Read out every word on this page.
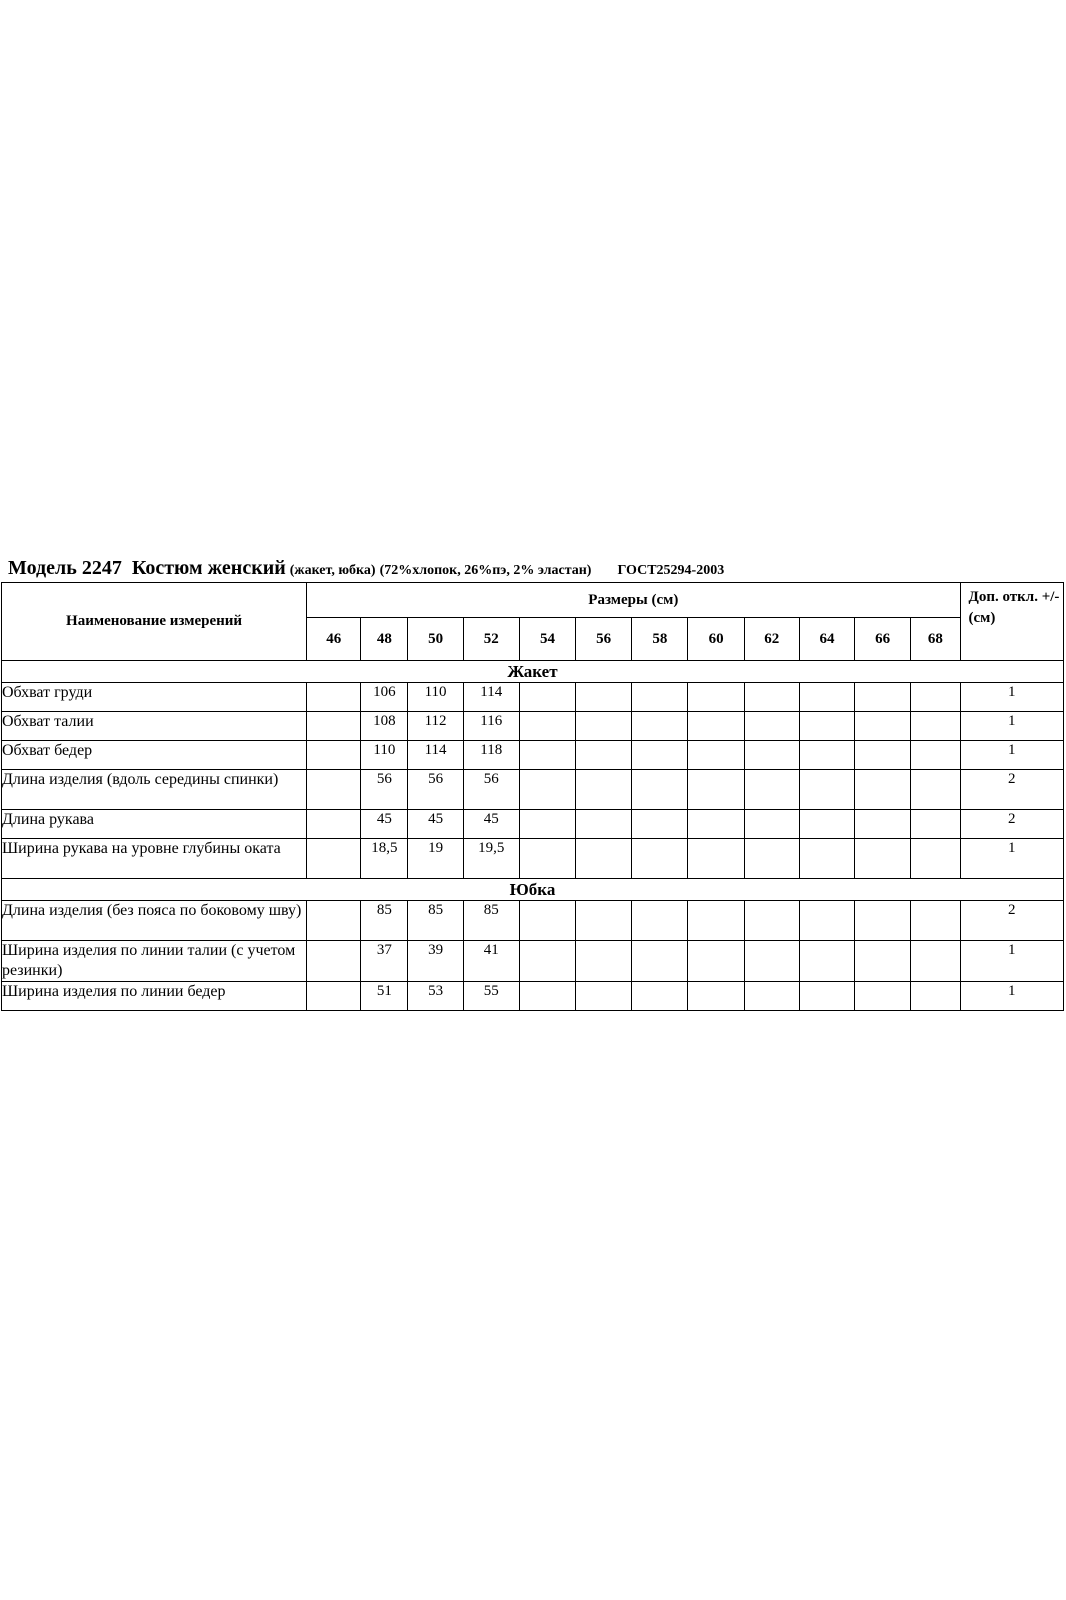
Модель 2247 Костюм женский (жакет, юбка) (72%хлопок, 26%пэ, 2% эластан) ГОСТ25294-2003
Наименование измерений	Размеры (см)												Доп. откл. +/- (см)
	46	48	50	52	54	56	58	60	62	64	66	68	
Жакет													
Обхват груди		106	110	114									1
Обхват талии		108	112	116									1
Обхват бедер		110	114	118									1
Длина изделия (вдоль середины спинки)		56	56	56									2
Длина рукава		45	45	45									2
Ширина рукава на уровне глубины оката		18,5	19	19,5									1
Юбка													
Длина изделия (без пояса по боковому шву)		85	85	85									2
Ширина изделия по линии талии (с учетом резинки)		37	39	41									1
Ширина изделия по линии бедер		51	53	55									1
